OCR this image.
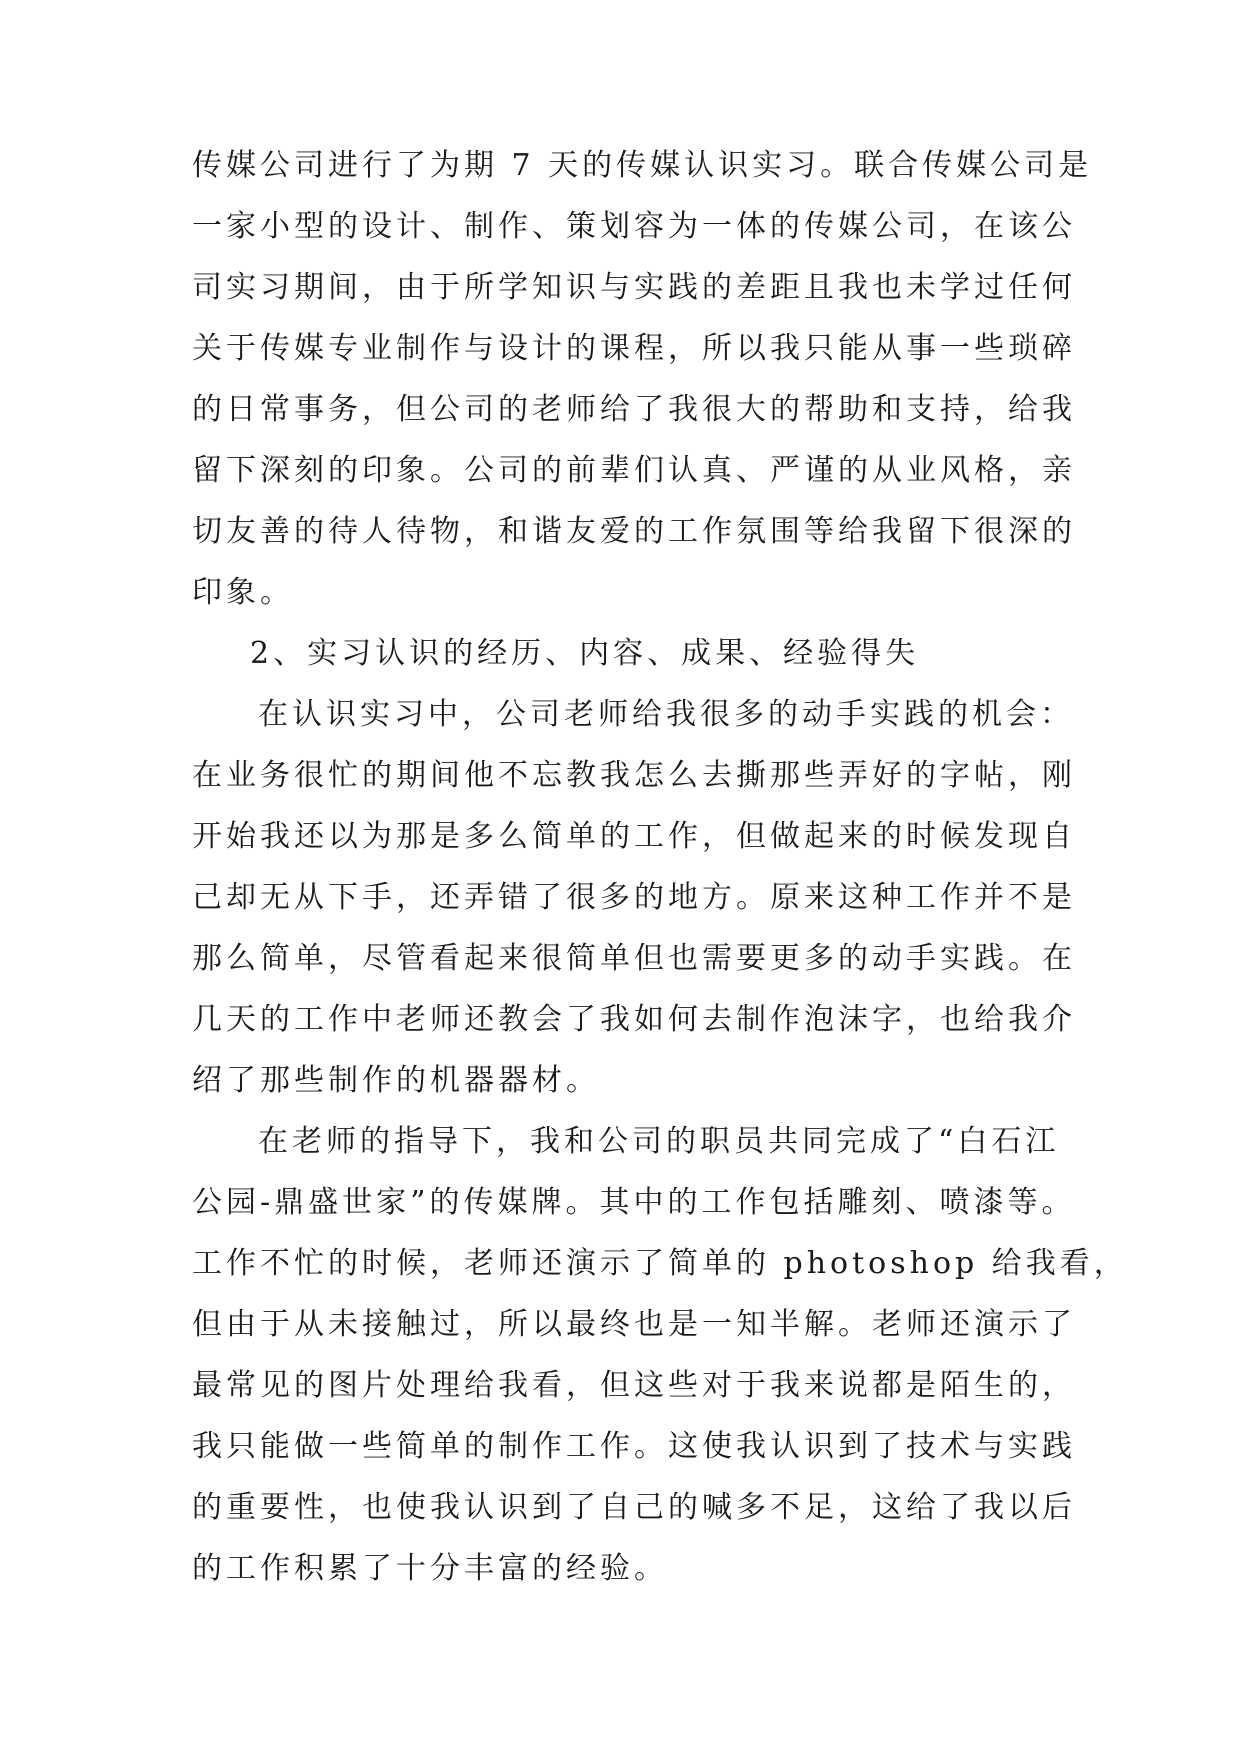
传媒公司进行了为期 7 天的传媒认识实习。联合传媒公司是
一家小型的设计、制作、策划容为一体的传媒公司，在该公
司实习期间，由于所学知识与实践的差距且我也未学过任何
关于传媒专业制作与设计的课程，所以我只能从事一些琐碎
的日常事务，但公司的老师给了我很大的帮助和支持，给我
留下深刻的印象。公司的前辈们认真、严谨的从业风格，亲
切友善的待人待物，和谐友爱的工作氛围等给我留下很深的
印象。
2、实习认识的经历、内容、成果、经验得失
在认识实习中，公司老师给我很多的动手实践的机会：
在业务很忙的期间他不忘教我怎么去撕那些弄好的字帖，刚
开始我还以为那是多么简单的工作，但做起来的时候发现自
己却无从下手，还弄错了很多的地方。原来这种工作并不是
那么简单，尽管看起来很简单但也需要更多的动手实践。在
几天的工作中老师还教会了我如何去制作泡沫字，也给我介
绍了那些制作的机器器材。
在老师的指导下，我和公司的职员共同完成了“白石江
公园-鼎盛世家”的传媒牌。其中的工作包括雕刻、喷漆等。
工作不忙的时候，老师还演示了简单的 photoshop 给我看，
但由于从未接触过，所以最终也是一知半解。老师还演示了
最常见的图片处理给我看，但这些对于我来说都是陌生的，
我只能做一些简单的制作工作。这使我认识到了技术与实践
的重要性，也使我认识到了自己的喊多不足，这给了我以后
的工作积累了十分丰富的经验。
